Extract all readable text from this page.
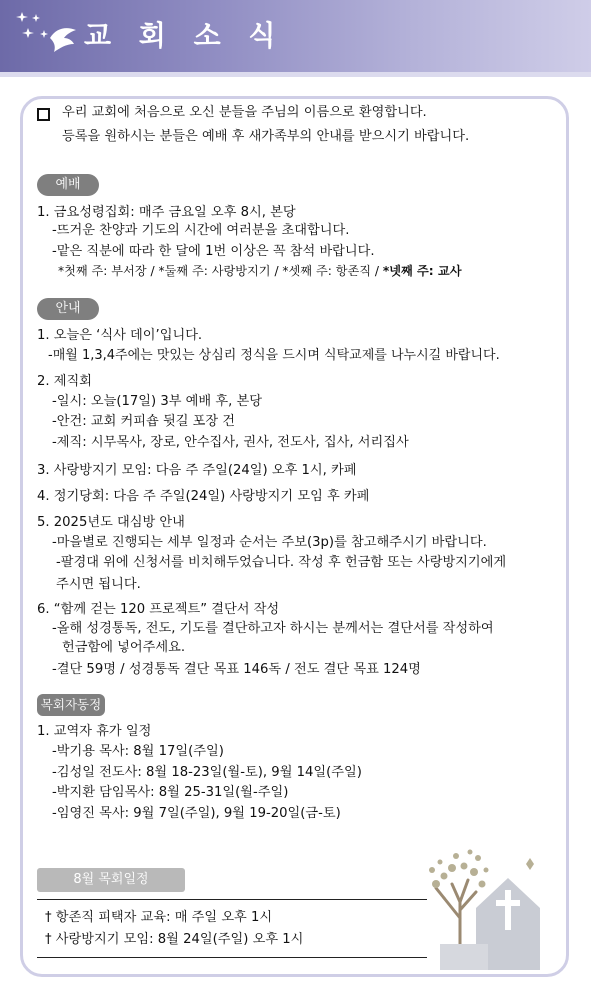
교 회 소 식
우리 교회에 처음으로 오신 분들을 주님의 이름으로 환영합니다.
등록을 원하시는 분들은 예배 후 새가족부의 안내를 받으시기 바랍니다.
예배
1. 금요성령집회: 매주 금요일 오후 8시, 본당
-뜨거운 찬양과 기도의 시간에 여러분을 초대합니다.
-맡은 직분에 따라 한 달에 1번 이상은 꼭 참석 바랍니다.
*첫째 주: 부서장 / *둘째 주: 사랑방지기 / *셋째 주: 항존직 / *넷째 주: 교사
안내
1. 오늘은 ‘식사 데이’입니다.
-매월 1,3,4주에는 맛있는 상심리 정식을 드시며 식탁교제를 나누시길 바랍니다.
2. 제직회
-일시: 오늘(17일) 3부 예배 후, 본당
-안건: 교회 커피숍 뒷길 포장 건
-제직: 시무목사, 장로, 안수집사, 권사, 전도사, 집사, 서리집사
3. 사랑방지기 모임: 다음 주 주일(24일) 오후 1시, 카페
4. 정기당회: 다음 주 주일(24일) 사랑방지기 모임 후 카페
5. 2025년도 대심방 안내
-마을별로 진행되는 세부 일정과 순서는 주보(3p)를 참고해주시기 바랍니다.
-팔경대 위에 신청서를 비치해두었습니다. 작성 후 헌금함 또는 사랑방지기에게
주시면 됩니다.
6. “함께 걷는 120 프로젝트” 결단서 작성
-올해 성경통독, 전도, 기도를 결단하고자 하시는 분께서는 결단서를 작성하여
헌금함에 넣어주세요.
-결단 59명 / 성경통독 결단 목표 146독 / 전도 결단 목표 124명
목회자동정
1. 교역자 휴가 일정
-박기용 목사: 8월 17일(주일)
-김성일 전도사: 8월 18-23일(월-토), 9월 14일(주일)
-박지환 담임목사: 8월 25-31일(월-주일)
-임영진 목사: 9월 7일(주일), 9월 19-20일(금-토)
8월 목회일정
† 항존직 피택자 교육: 매 주일 오후 1시
† 사랑방지기 모임: 8월 24일(주일) 오후 1시
